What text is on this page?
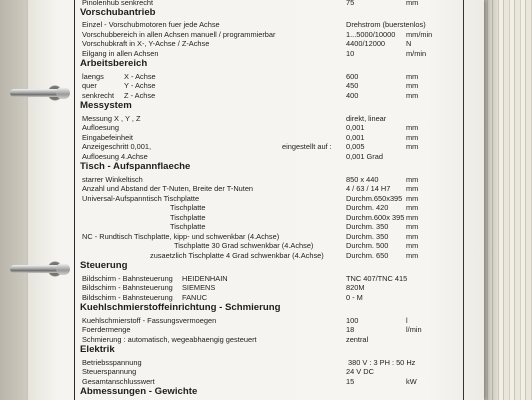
Pinolenhub senkrecht	75	mm
Vorschubantrieb
Einzel - Vorschubmotoren fuer jede Achse	Drehstrom (buerstenlos)
Vorschubbereich in allen Achsen manuell / programmierbar	1...5000/10000 mm/min
Vorschubkraft in X-, Y-Achse / Z-Achse	4400/12000	N
Eilgang in allen Achsen	10	m/min
Arbeitsbereich
laengs	X - Achse	600	mm
quer	Y - Achse	450	mm
senkrecht Z - Achse	400	mm
Messystem
Messung X , Y , Z	direkt, linear
Aufloesung	0,001	mm
Eingabefeinheit	0,001	mm
Anzeigeschritt 0,001,	eingestellt auf : 0,005	mm
Aufloesung 4.Achse	0,001 Grad
Tisch - Aufspannflaeche
starrer Winkeltisch	850 x 440	mm
Anzahl und Abstand der T-Nuten, Breite der T-Nuten	4 / 63 / 14 H7 mm
Universal-Aufspanntisch Tischplatte	Durchm.650x395 mm
Tischplatte	Durchm. 420 mm
Tischplatte	Durchm.600x 395 mm
Tischplatte	Durchm. 350 mm
NC - Rundtisch Tischplatte, kipp- und schwenkbar (4.Achse)	Durchm. 350 mm
Tischplatte 30 Grad schwenkbar (4.Achse)	Durchm. 500 mm
zusaetzlich Tischplatte 4 Grad schwenkbar (4.Achse)	Durchm. 650 mm
Steuerung
Bildschirm - Bahnsteuerung HEIDENHAIN	TNC 407/TNC 415
Bildschirm - Bahnsteuerung SIEMENS	820M
Bildschirm - Bahnsteuerung FANUC	0 - M
Kuehlschmierstoffeinrichtung - Schmierung
Kuehlschmierstoff - Fassungsvermoegen	100	l
Foerdermenge	18	l/min
Schmierung : automatisch, wegeabhaengig gesteuert	zentral
Elektrik
Betriebsspannung	380 V : 3 PH : 50 Hz
Steuerspannung	24 V DC
Gesamtanschlusswert	15	kW
Abmessungen - Gewichte
